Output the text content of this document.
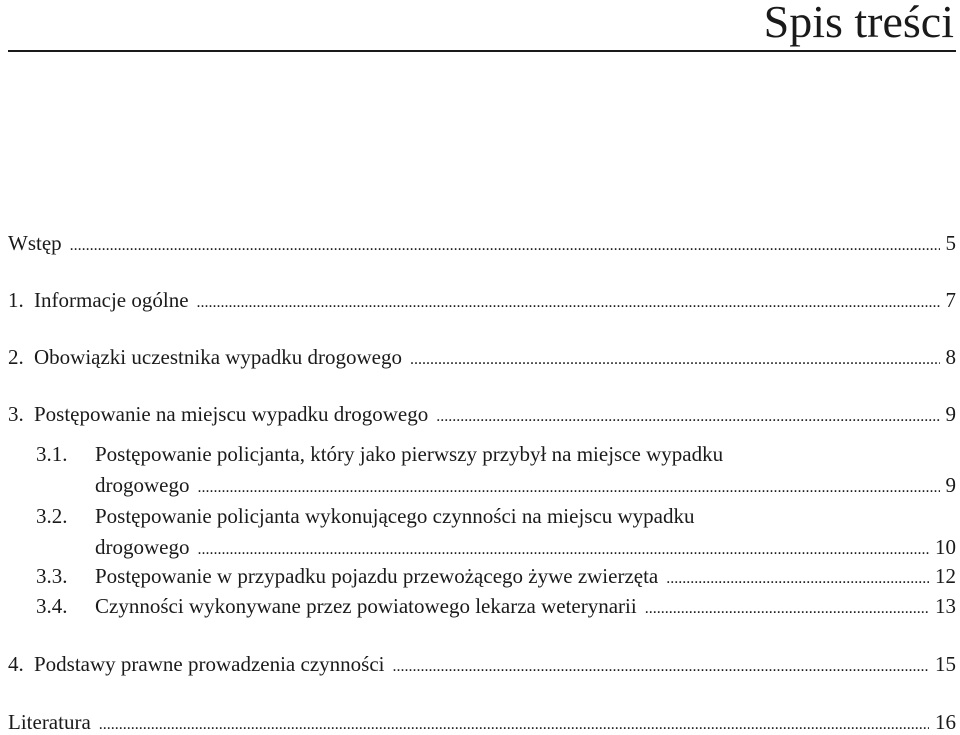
Spis treści
Wstęp .....	5
1. Informacje ogólne .....	7
2. Obowiązki uczestnika wypadku drogowego .....	8
3. Postępowanie na miejscu wypadku drogowego .....	9
3.1.	Postępowanie policjanta, który jako pierwszy przybył na miejsce wypadku
drogowego .....	9
3.2.	Postępowanie policjanta wykonującego czynności na miejscu wypadku
drogowego .....	10
3.3.	Postępowanie w przypadku pojazdu przewożącego żywe zwierzęta .....	12
3.4.	Czynności wykonywane przez powiatowego lekarza weterynarii .....	13
4. Podstawy prawne prowadzenia czynności .....	15
Literatura .....	16
